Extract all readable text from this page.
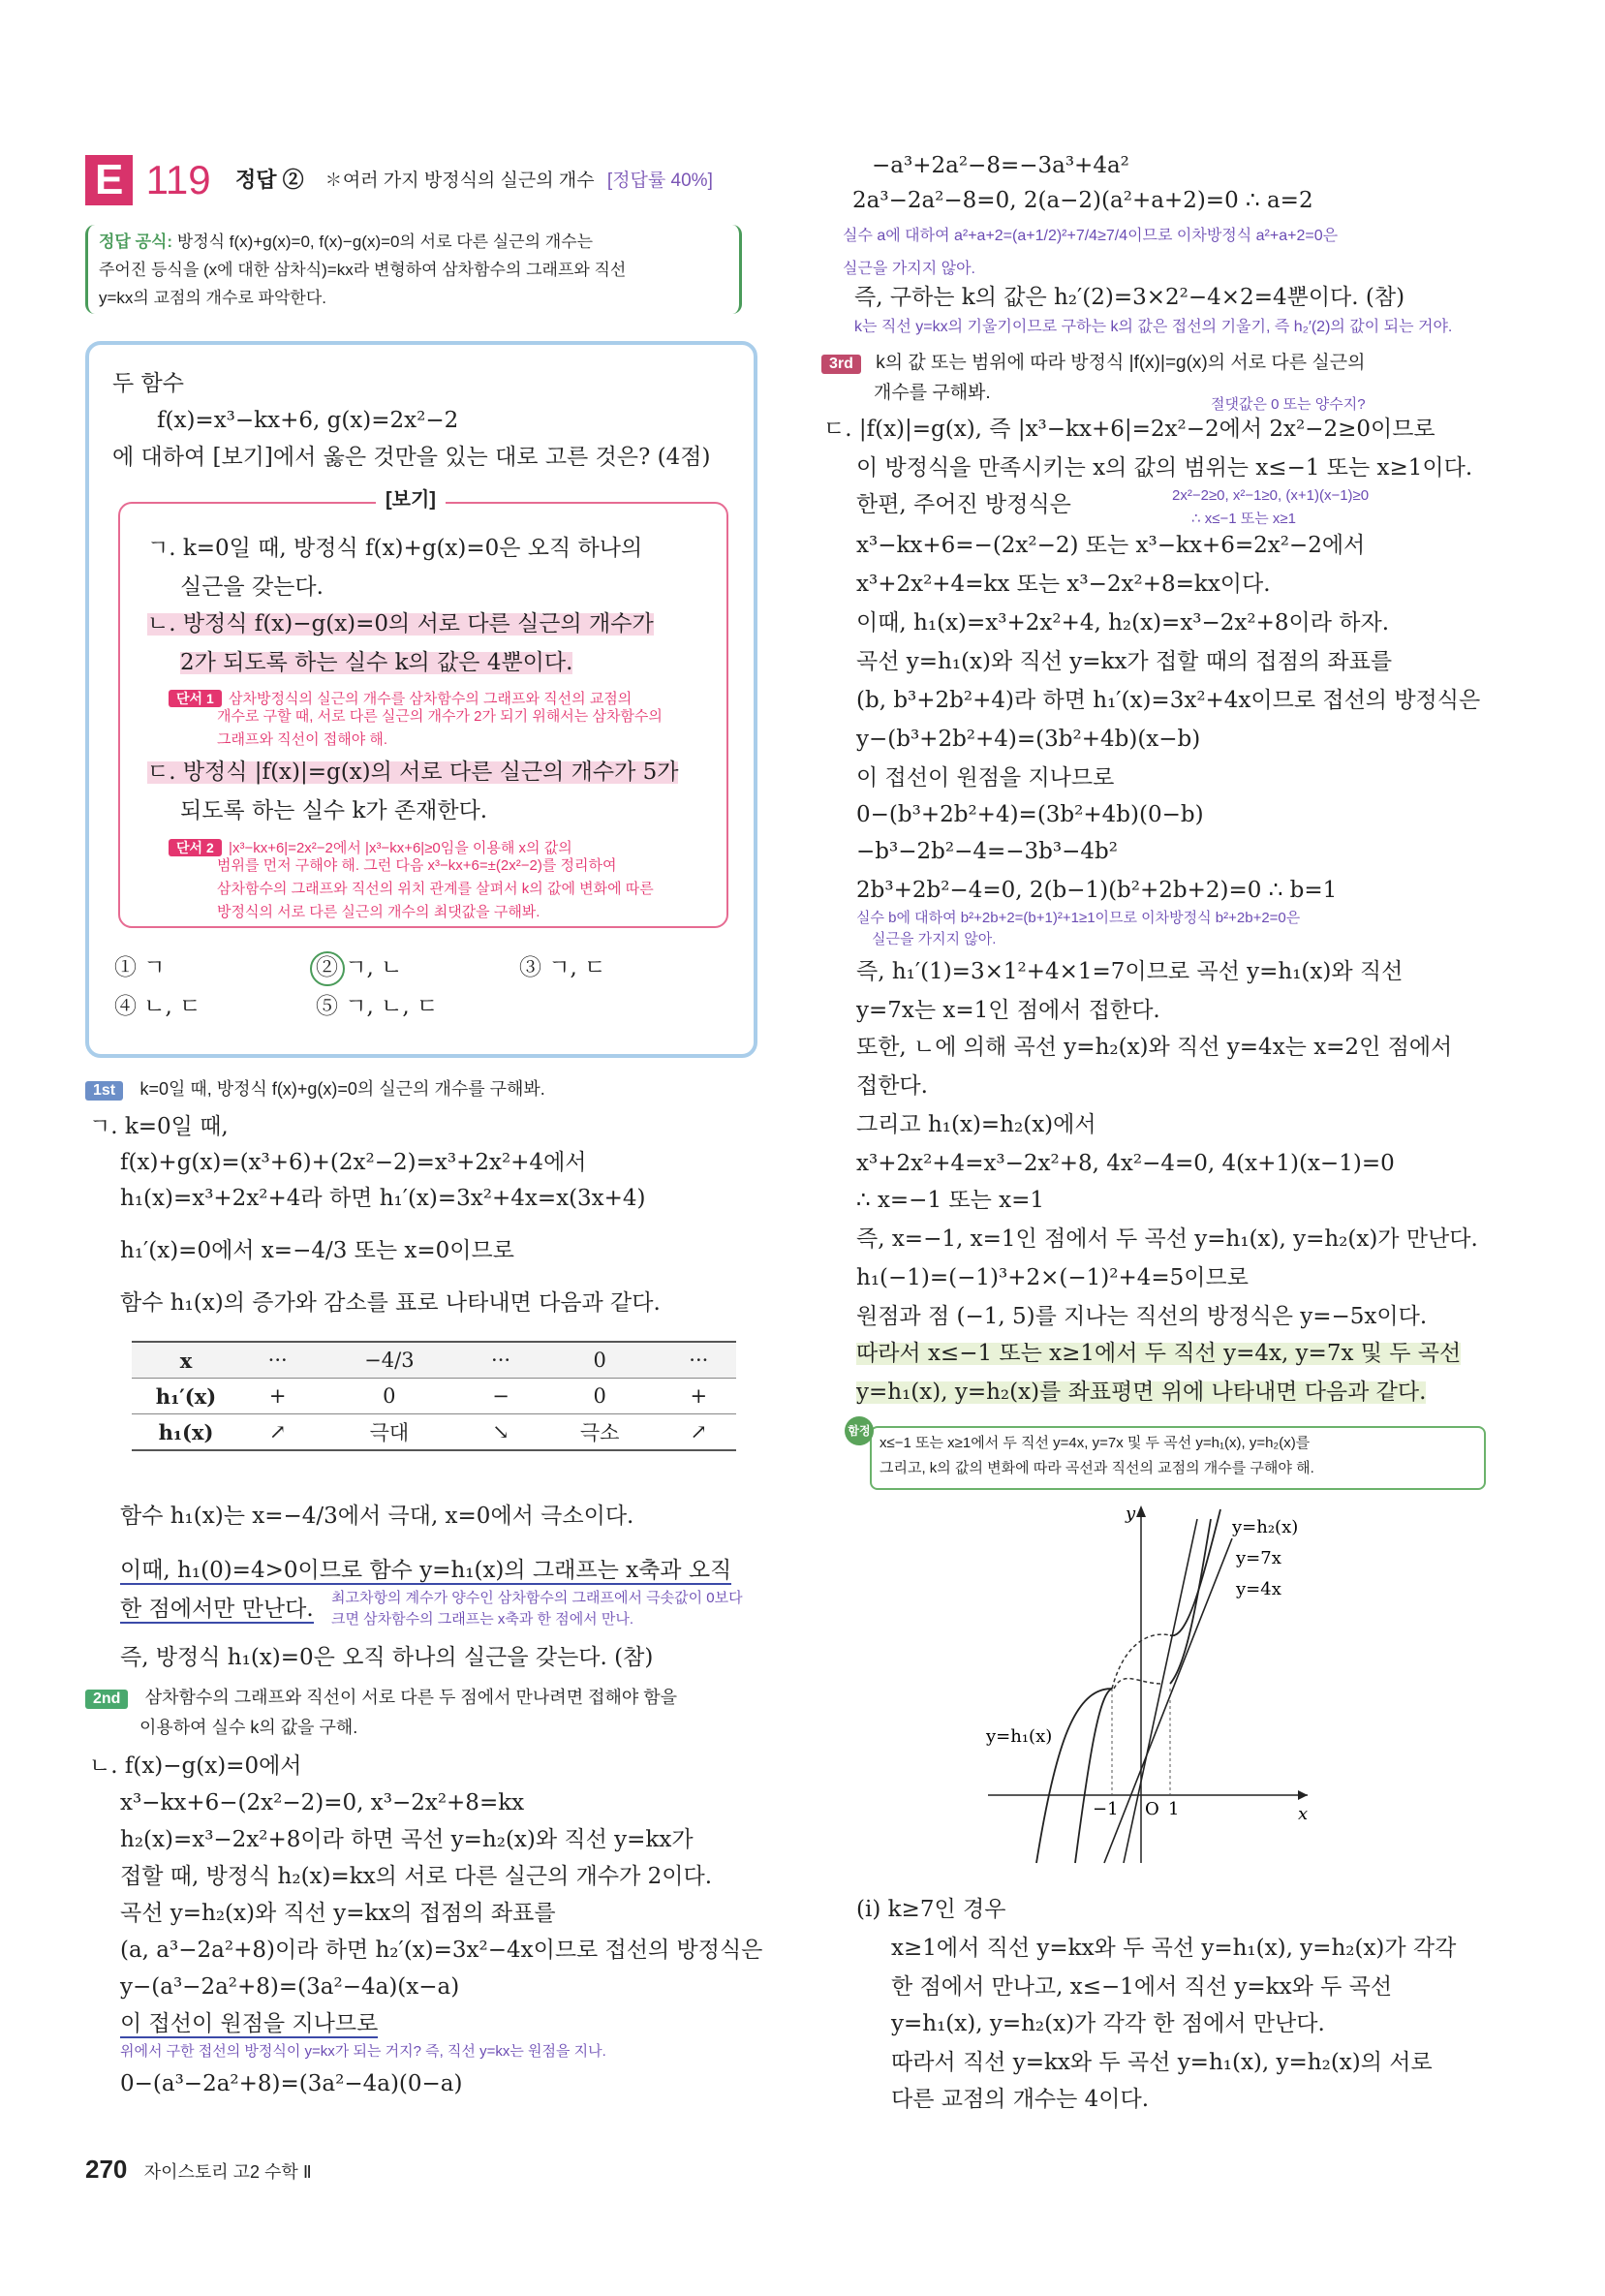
E 119 정답 ② ✽여러 가지 방정식의 실근의 개수 [정답률 40%]
정답 공식: 방정식 f(x)+g(x)=0, f(x)−g(x)=0의 서로 다른 실근의 개수는
주어진 등식을 (x에 대한 삼차식)=kx라 변형하여 삼차함수의 그래프와 직선
y=kx의 교점의 개수로 파악한다.
두 함수
f(x)=x³−kx+6, g(x)=2x²−2
에 대하여 [보기]에서 옳은 것만을 있는 대로 고른 것은? (4점)
[보기]
ㄱ. k=0일 때, 방정식 f(x)+g(x)=0은 오직 하나의
실근을 갖는다.
ㄴ. 방정식 f(x)−g(x)=0의 서로 다른 실근의 개수가
2가 되도록 하는 실수 k의 값은 4뿐이다.
단서 1 삼차방정식의 실근의 개수를 삼차함수의 그래프와 직선의 교점의
개수로 구할 때, 서로 다른 실근의 개수가 2가 되기 위해서는 삼차함수의
그래프와 직선이 접해야 해.
ㄷ. 방정식 |f(x)|=g(x)의 서로 다른 실근의 개수가 5가
되도록 하는 실수 k가 존재한다.
단서 2 |x³−kx+6|=2x²−2에서 |x³−kx+6|≥0임을 이용해 x의 값의
범위를 먼저 구해야 해. 그런 다음 x³−kx+6=±(2x²−2)를 정리하여
삼차함수의 그래프와 직선의 위치 관계를 살펴서 k의 값에 변화에 따른
방정식의 서로 다른 실근의 개수의 최댓값을 구해봐.
① ㄱ	② ㄱ, ㄴ	③ ㄱ, ㄷ
④ ㄴ, ㄷ	⑤ ㄱ, ㄴ, ㄷ
1st k=0일 때, 방정식 f(x)+g(x)=0의 실근의 개수를 구해봐.
ㄱ. k=0일 때,
f(x)+g(x)=(x³+6)+(2x²−2)=x³+2x²+4에서
h₁(x)=x³+2x²+4라 하면 h₁′(x)=3x²+4x=x(3x+4)
h₁′(x)=0에서 x=−4/3 또는 x=0이므로
함수 h₁(x)의 증가와 감소를 표로 나타내면 다음과 같다.
x	···	−4/3	···	0	···
h₁′(x)	+	0	−	0	+
h₁(x)	↗	극대	↘	극소	↗
함수 h₁(x)는 x=−4/3에서 극대, x=0에서 극소이다.
이때, h₁(0)=4>0이므로 함수 y=h₁(x)의 그래프는 x축과 오직
한 점에서만 만난다. 최고차항의 계수가 양수인 삼차함수의 그래프에서 극솟값이 0보다
크면 삼차함수의 그래프는 x축과 한 점에서 만나.
즉, 방정식 h₁(x)=0은 오직 하나의 실근을 갖는다. (참)
2nd 삼차함수의 그래프와 직선이 서로 다른 두 점에서 만나려면 접해야 함을
이용하여 실수 k의 값을 구해.
ㄴ. f(x)−g(x)=0에서
x³−kx+6−(2x²−2)=0, x³−2x²+8=kx
h₂(x)=x³−2x²+8이라 하면 곡선 y=h₂(x)와 직선 y=kx가
접할 때, 방정식 h₂(x)=kx의 서로 다른 실근의 개수가 2이다.
곡선 y=h₂(x)와 직선 y=kx의 접점의 좌표를
(a, a³−2a²+8)이라 하면 h₂′(x)=3x²−4x이므로 접선의 방정식은
y−(a³−2a²+8)=(3a²−4a)(x−a)
이 접선이 원점을 지나므로
위에서 구한 접선의 방정식이 y=kx가 되는 거지? 즉, 직선 y=kx는 원점을 지나.
0−(a³−2a²+8)=(3a²−4a)(0−a)
270 자이스토리 고2 수학 Ⅱ
−a³+2a²−8=−3a³+4a²
2a³−2a²−8=0, 2(a−2)(a²+a+2)=0 ∴ a=2
실수 a에 대하여 a²+a+2=(a+1/2)²+7/4≥7/4이므로 이차방정식 a²+a+2=0은
실근을 가지지 않아.
즉, 구하는 k의 값은 h₂′(2)=3×2²−4×2=4뿐이다. (참)
k는 직선 y=kx의 기울기이므로 구하는 k의 값은 접선의 기울기, 즉 h₂′(2)의 값이 되는 거야.
3rd k의 값 또는 범위에 따라 방정식 |f(x)|=g(x)의 서로 다른 실근의
개수를 구해봐.
절댓값은 0 또는 양수지?
ㄷ. |f(x)|=g(x), 즉 |x³−kx+6|=2x²−2에서 2x²−2≥0이므로
이 방정식을 만족시키는 x의 값의 범위는 x≤−1 또는 x≥1이다.
한편, 주어진 방정식은	2x²−2≥0, x²−1≥0, (x+1)(x−1)≥0
∴ x≤−1 또는 x≥1
x³−kx+6=−(2x²−2) 또는 x³−kx+6=2x²−2에서
x³+2x²+4=kx 또는 x³−2x²+8=kx이다.
이때, h₁(x)=x³+2x²+4, h₂(x)=x³−2x²+8이라 하자.
곡선 y=h₁(x)와 직선 y=kx가 접할 때의 접점의 좌표를
(b, b³+2b²+4)라 하면 h₁′(x)=3x²+4x이므로 접선의 방정식은
y−(b³+2b²+4)=(3b²+4b)(x−b)
이 접선이 원점을 지나므로
0−(b³+2b²+4)=(3b²+4b)(0−b)
−b³−2b²−4=−3b³−4b²
2b³+2b²−4=0, 2(b−1)(b²+2b+2)=0 ∴ b=1
실수 b에 대하여 b²+2b+2=(b+1)²+1≥1이므로 이차방정식 b²+2b+2=0은
실근을 가지지 않아.
즉, h₁′(1)=3×1²+4×1=7이므로 곡선 y=h₁(x)와 직선
y=7x는 x=1인 점에서 접한다.
또한, ㄴ에 의해 곡선 y=h₂(x)와 직선 y=4x는 x=2인 점에서
접한다.
그리고 h₁(x)=h₂(x)에서
x³+2x²+4=x³−2x²+8, 4x²−4=0, 4(x+1)(x−1)=0
∴ x=−1 또는 x=1
즉, x=−1, x=1인 점에서 두 곡선 y=h₁(x), y=h₂(x)가 만난다.
h₁(−1)=(−1)³+2×(−1)²+4=5이므로
원점과 점 (−1, 5)를 지나는 직선의 방정식은 y=−5x이다.
따라서 x≤−1 또는 x≥1에서 두 직선 y=4x, y=7x 및 두 곡선
y=h₁(x), y=h₂(x)를 좌표평면 위에 나타내면 다음과 같다.
함정
x≤−1 또는 x≥1에서 두 직선 y=4x, y=7x 및 두 곡선 y=h₁(x), y=h₂(x)를
그리고, k의 값의 변화에 따라 곡선과 직선의 교점의 개수를 구해야 해.
y
x
y=h₂(x)
y=7x
y=4x
y=h₁(x)
−1 O 1
(i) k≥7인 경우
x≥1에서 직선 y=kx와 두 곡선 y=h₁(x), y=h₂(x)가 각각
한 점에서 만나고, x≤−1에서 직선 y=kx와 두 곡선
y=h₁(x), y=h₂(x)가 각각 한 점에서 만난다.
따라서 직선 y=kx와 두 곡선 y=h₁(x), y=h₂(x)의 서로
다른 교점의 개수는 4이다.
